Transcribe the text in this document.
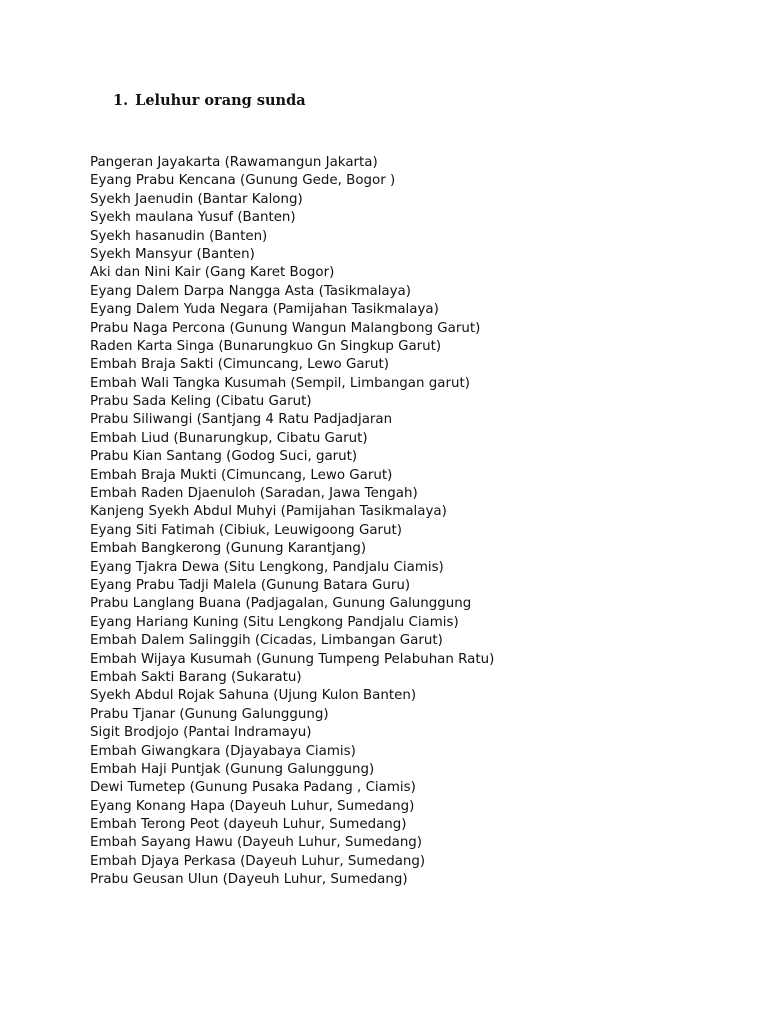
1. Leluhur orang sunda
Pangeran Jayakarta (Rawamangun Jakarta)
Eyang Prabu Kencana (Gunung Gede, Bogor )
Syekh Jaenudin (Bantar Kalong)
Syekh maulana Yusuf (Banten)
Syekh hasanudin (Banten)
Syekh Mansyur (Banten)
Aki dan Nini Kair (Gang Karet Bogor)
Eyang Dalem Darpa Nangga Asta (Tasikmalaya)
Eyang Dalem Yuda Negara (Pamijahan Tasikmalaya)
Prabu Naga Percona (Gunung Wangun Malangbong Garut)
Raden Karta Singa (Bunarungkuo Gn Singkup Garut)
Embah Braja Sakti (Cimuncang, Lewo Garut)
Embah Wali Tangka Kusumah (Sempil, Limbangan garut)
Prabu Sada Keling (Cibatu Garut)
Prabu Siliwangi (Santjang 4 Ratu Padjadjaran
Embah Liud (Bunarungkup, Cibatu Garut)
Prabu Kian Santang (Godog Suci, garut)
Embah Braja Mukti (Cimuncang, Lewo Garut)
Embah Raden Djaenuloh (Saradan, Jawa Tengah)
Kanjeng Syekh Abdul Muhyi (Pamijahan Tasikmalaya)
Eyang Siti Fatimah (Cibiuk, Leuwigoong Garut)
Embah Bangkerong (Gunung Karantjang)
Eyang Tjakra Dewa (Situ Lengkong, Pandjalu Ciamis)
Eyang Prabu Tadji Malela (Gunung Batara Guru)
Prabu Langlang Buana (Padjagalan, Gunung Galunggung
Eyang Hariang Kuning (Situ Lengkong Pandjalu Ciamis)
Embah Dalem Salinggih (Cicadas, Limbangan Garut)
Embah Wijaya Kusumah (Gunung Tumpeng Pelabuhan Ratu)
Embah Sakti Barang (Sukaratu)
Syekh Abdul Rojak Sahuna (Ujung Kulon Banten)
Prabu Tjanar (Gunung Galunggung)
Sigit Brodjojo (Pantai Indramayu)
Embah Giwangkara (Djayabaya Ciamis)
Embah Haji Puntjak (Gunung Galunggung)
Dewi Tumetep (Gunung Pusaka Padang , Ciamis)
Eyang Konang Hapa (Dayeuh Luhur, Sumedang)
Embah Terong Peot (dayeuh Luhur, Sumedang)
Embah Sayang Hawu (Dayeuh Luhur, Sumedang)
Embah Djaya Perkasa (Dayeuh Luhur, Sumedang)
Prabu Geusan Ulun (Dayeuh Luhur, Sumedang)
